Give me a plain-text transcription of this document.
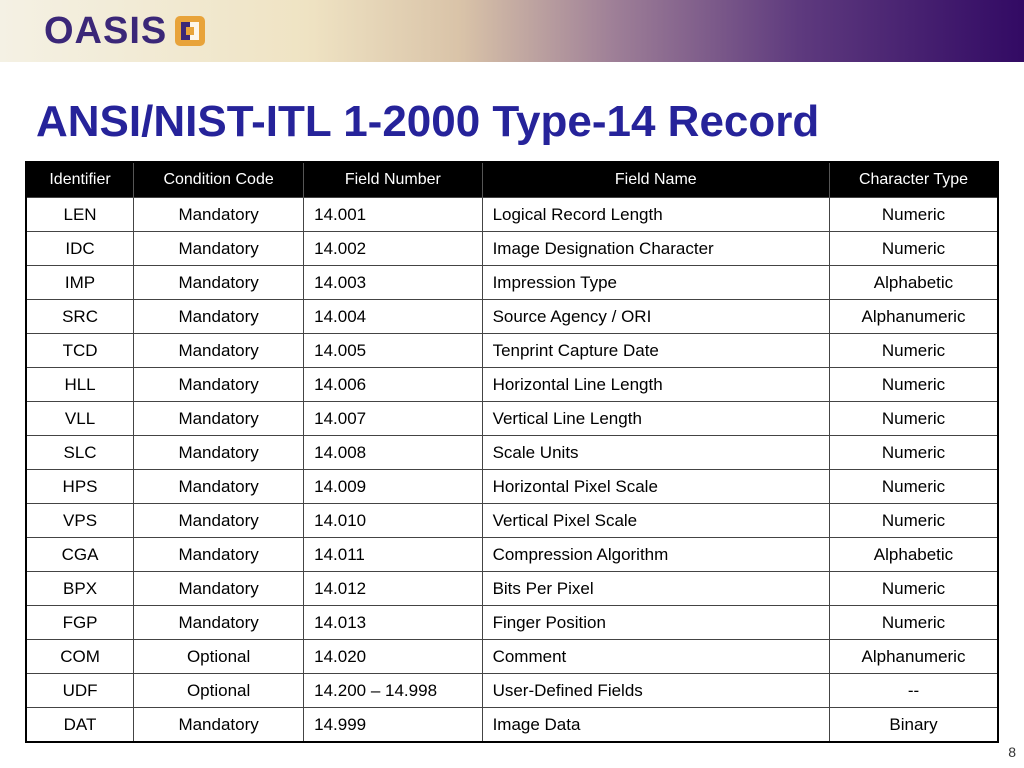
OASIS
ANSI/NIST-ITL 1-2000 Type-14 Record
Identifier	Condition Code	Field Number	Field Name	Character Type
LEN	Mandatory	14.001	Logical Record Length	Numeric
IDC	Mandatory	14.002	Image Designation Character	Numeric
IMP	Mandatory	14.003	Impression Type	Alphabetic
SRC	Mandatory	14.004	Source Agency / ORI	Alphanumeric
TCD	Mandatory	14.005	Tenprint Capture Date	Numeric
HLL	Mandatory	14.006	Horizontal Line Length	Numeric
VLL	Mandatory	14.007	Vertical Line Length	Numeric
SLC	Mandatory	14.008	Scale Units	Numeric
HPS	Mandatory	14.009	Horizontal Pixel Scale	Numeric
VPS	Mandatory	14.010	Vertical Pixel Scale	Numeric
CGA	Mandatory	14.011	Compression Algorithm	Alphabetic
BPX	Mandatory	14.012	Bits Per Pixel	Numeric
FGP	Mandatory	14.013	Finger Position	Numeric
COM	Optional	14.020	Comment	Alphanumeric
UDF	Optional	14.200 – 14.998	User-Defined Fields	--
DAT	Mandatory	14.999	Image Data	Binary
8
